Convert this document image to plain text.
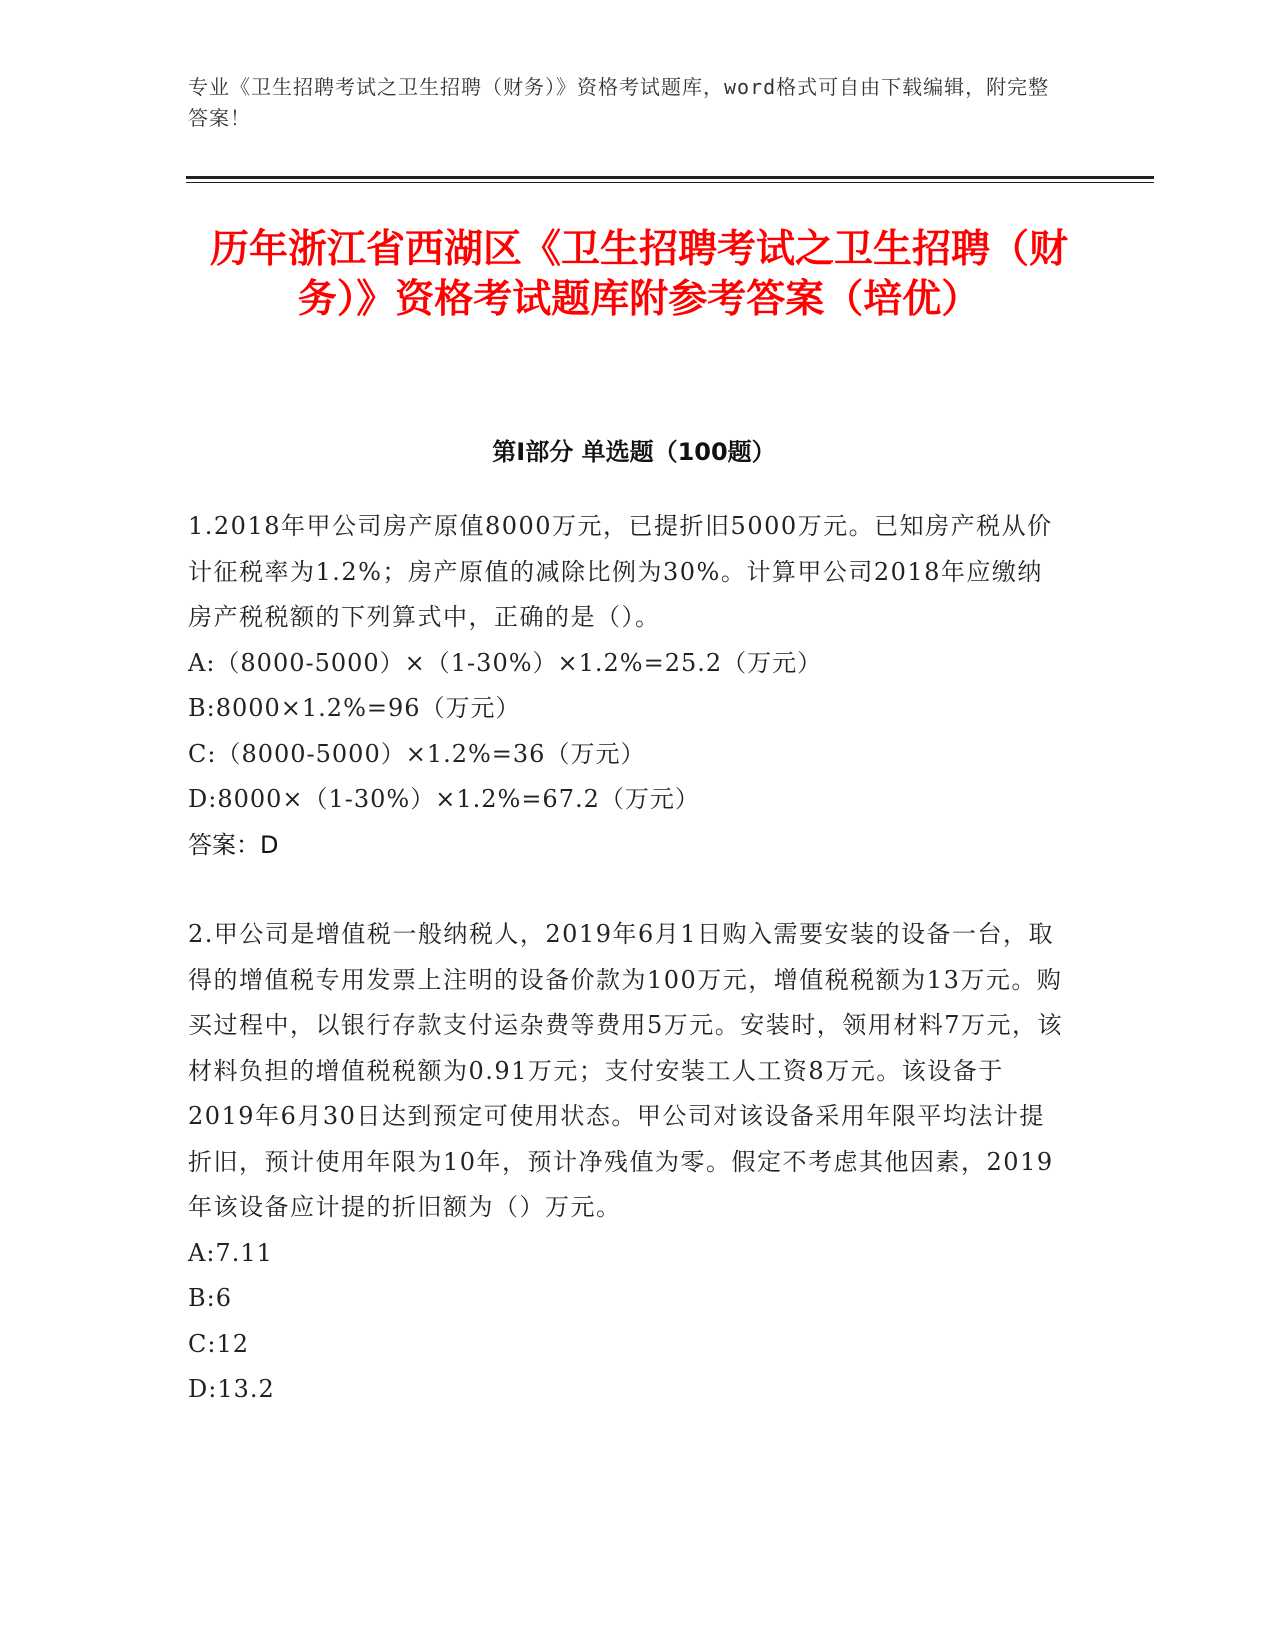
专业《卫生招聘考试之卫生招聘（财务）》资格考试题库，word格式可自由下载编辑，附完整答案！
历年浙江省西湖区《卫生招聘考试之卫生招聘（财务）》资格考试题库附参考答案（培优）
第I部分 单选题（100题）
1.2018年甲公司房产原值8000万元，已提折旧5000万元。已知房产税从价计征税率为1.2%；房产原值的减除比例为30%。计算甲公司2018年应缴纳房产税税额的下列算式中，正确的是（）。
A:（8000-5000）×（1-30%）×1.2%=25.2（万元）
B:8000×1.2%=96（万元）
C:（8000-5000）×1.2%=36（万元）
D:8000×（1-30%）×1.2%=67.2（万元）
答案：D
2.甲公司是增值税一般纳税人，2019年6月1日购入需要安装的设备一台，取得的增值税专用发票上注明的设备价款为100万元，增值税税额为13万元。购买过程中，以银行存款支付运杂费等费用5万元。安装时，领用材料7万元，该材料负担的增值税税额为0.91万元；支付安装工人工资8万元。该设备于2019年6月30日达到预定可使用状态。甲公司对该设备采用年限平均法计提折旧，预计使用年限为10年，预计净残值为零。假定不考虑其他因素，2019年该设备应计提的折旧额为（）万元。
A:7.11
B:6
C:12
D:13.2
